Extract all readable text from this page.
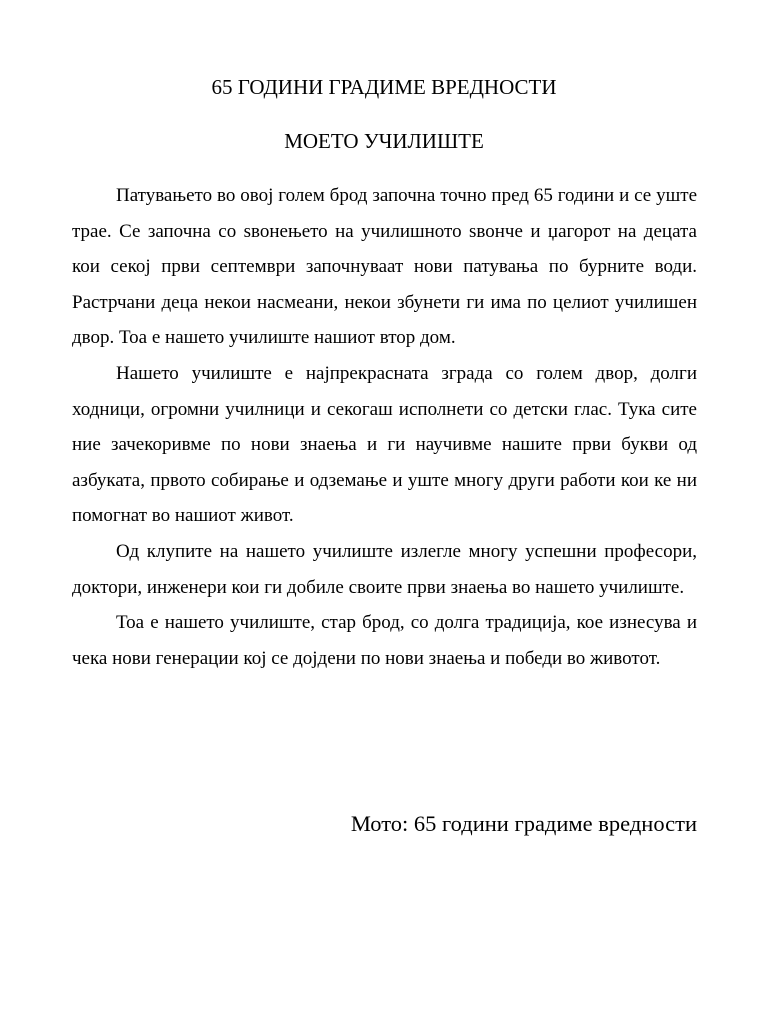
65 ГОДИНИ ГРАДИМЕ ВРЕДНОСТИ
МОЕТО УЧИЛИШТЕ

Патувањето во овој голем брод започна точно пред 65 години и се уште трае. Се започна со ѕвонењето на училишното ѕвонче и џагорот на децата кои секој први септември започнуваат нови патувања по бурните води. Растрчани деца некои насмеани, некои збунети ги има по целиот училишен двор. Тоа е нашето училиште нашиот втор дом.

Нашето училиште е најпрекрасната зграда со голем двор, долги ходници, огромни училници и секогаш исполнети со детски глас. Тука сите ние зачекоривме по нови знаења и ги научивме нашите први букви од азбуката, првото собирање и одземање и уште многу други работи кои ке ни помогнат во нашиот живот.

Од клупите на нашето училиште излегле многу успешни професори, доктори, инженери кои ги добиле своите први знаења во нашето училиште.

Тоа е нашето училиште, стар брод, со долга традиција, кое изнесува и чека нови генерации кој се дојдени по нови знаења и победи во животот.

Мото: 65 години градиме вредности
